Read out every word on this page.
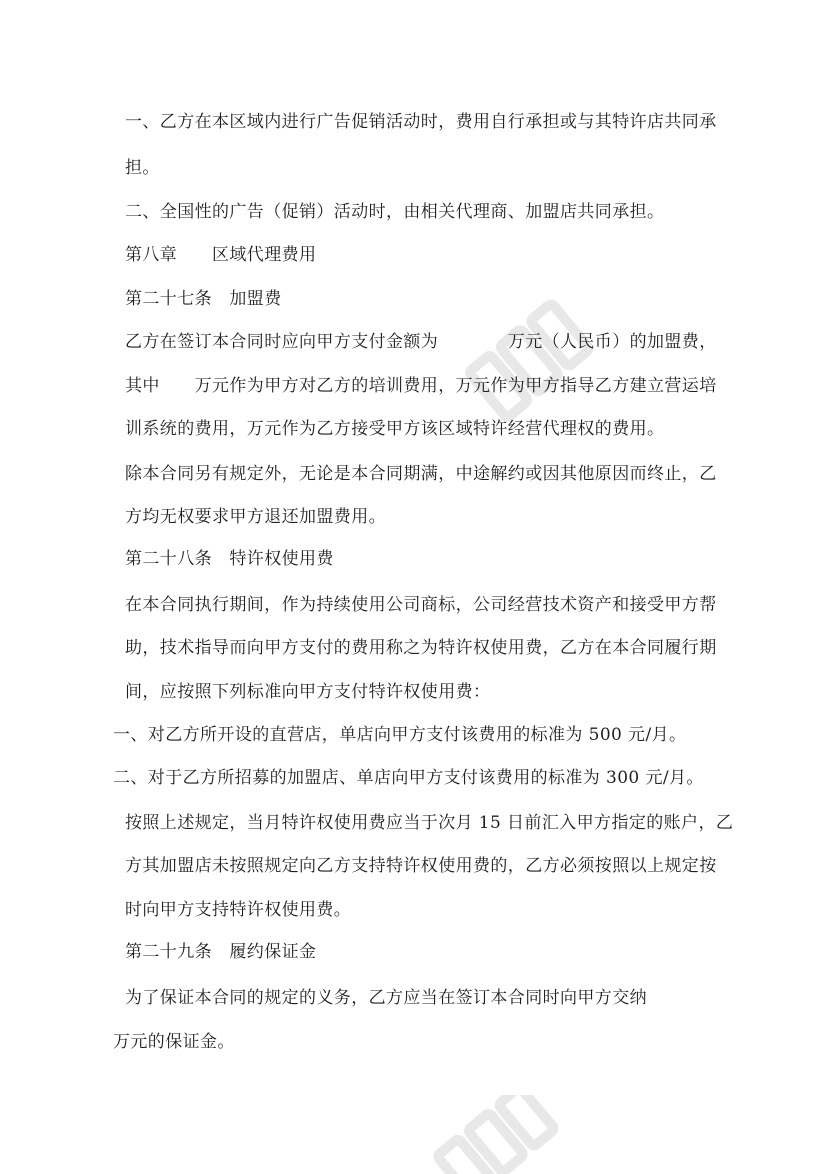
一、乙方在本区域内进行广告促销活动时，费用自行承担或与其特许店共同承
担。
二、全国性的广告（促销）活动时，由相关代理商、加盟店共同承担。
第八章　　区域代理费用
第二十七条　加盟费
乙方在签订本合同时应向甲方支付金额为　　　　万元（人民币）的加盟费，
其中　　万元作为甲方对乙方的培训费用，万元作为甲方指导乙方建立营运培
训系统的费用，万元作为乙方接受甲方该区域特许经营代理权的费用。
除本合同另有规定外，无论是本合同期满，中途解约或因其他原因而终止，乙
方均无权要求甲方退还加盟费用。
第二十八条　特许权使用费
在本合同执行期间，作为持续使用公司商标，公司经营技术资产和接受甲方帮
助，技术指导而向甲方支付的费用称之为特许权使用费，乙方在本合同履行期
间，应按照下列标准向甲方支付特许权使用费：
一、对乙方所开设的直营店，单店向甲方支付该费用的标准为 500 元/月。
二、对于乙方所招募的加盟店、单店向甲方支付该费用的标准为 300 元/月。
按照上述规定，当月特许权使用费应当于次月 15 日前汇入甲方指定的账户，乙
方其加盟店未按照规定向乙方支持特许权使用费的，乙方必须按照以上规定按
时向甲方支持特许权使用费。
第二十九条　履约保证金
为了保证本合同的规定的义务，乙方应当在签订本合同时向甲方交纳
万元的保证金。
